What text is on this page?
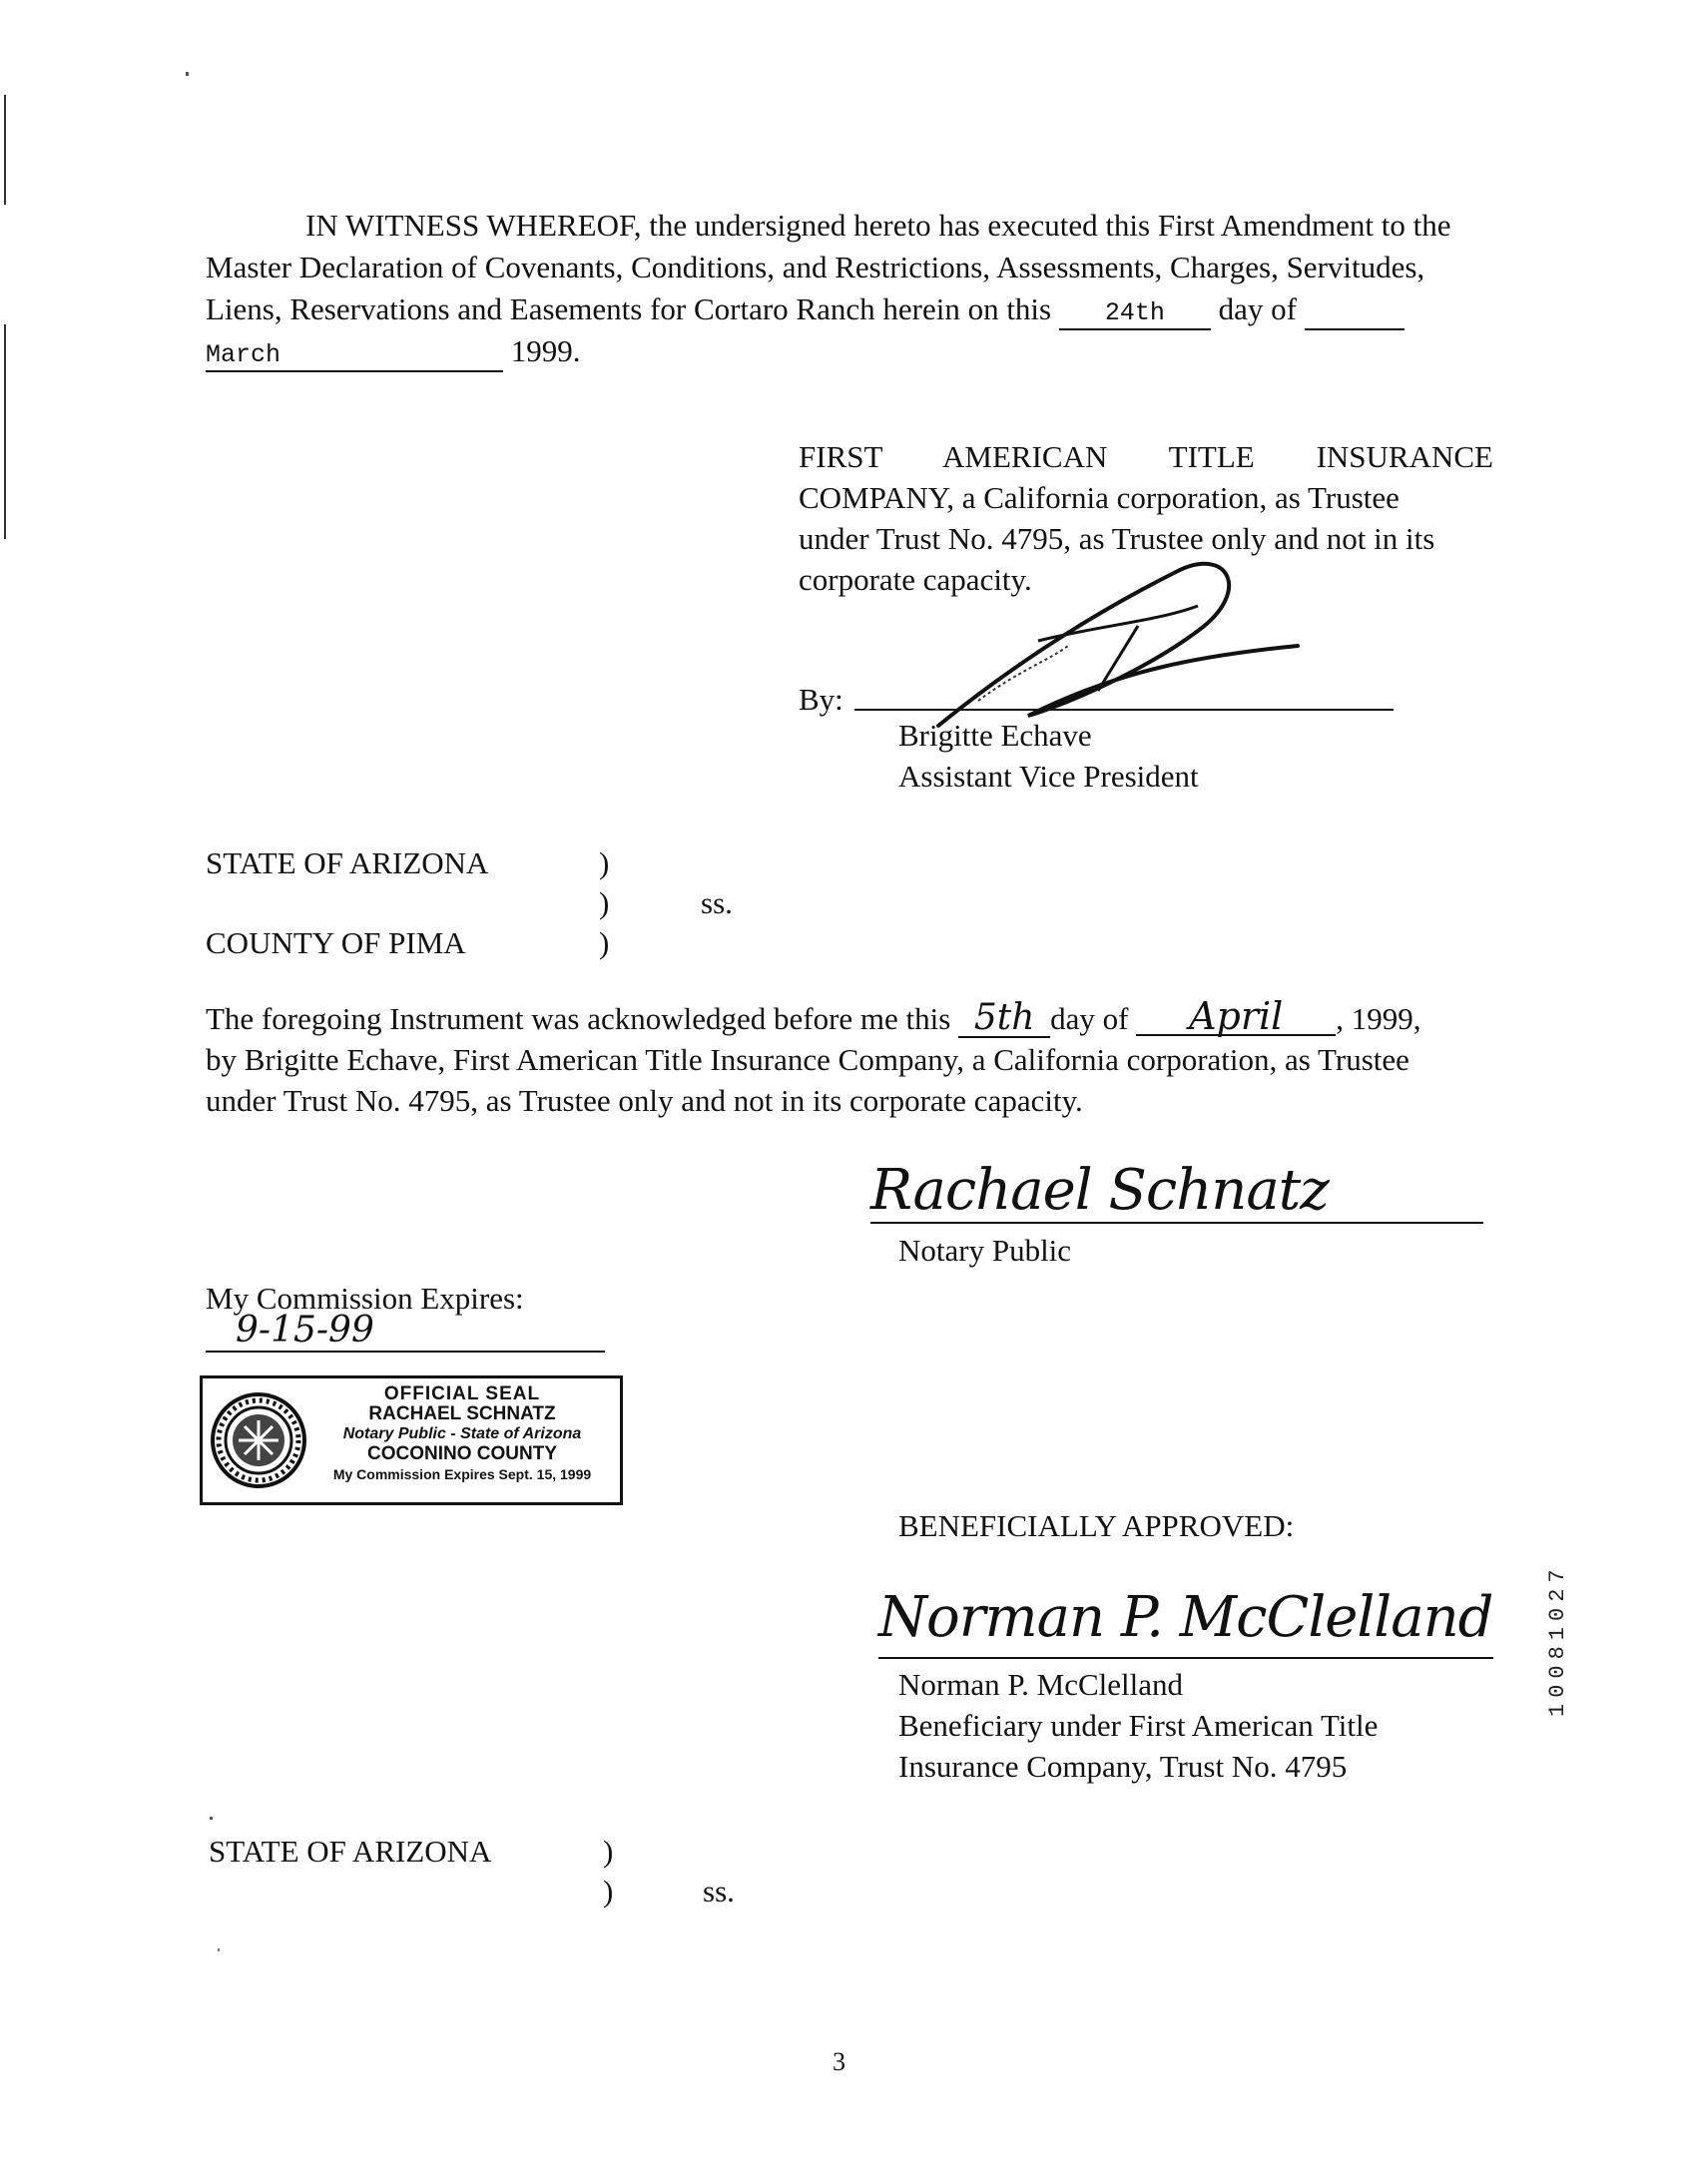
IN WITNESS WHEREOF, the undersigned hereto has executed this First Amendment to the
Master Declaration of Covenants, Conditions, and Restrictions, Assessments, Charges, Servitudes,
Liens, Reservations and Easements for Cortaro Ranch herein on this 24th day of
March	1999.
FIRST AMERICAN TITLE INSURANCE
COMPANY, a California corporation, as Trustee
under Trust No. 4795, as Trustee only and not in its
corporate capacity.
By:
Brigitte Echave
Assistant Vice President
STATE OF ARIZONA	)
)	ss.
COUNTY OF PIMA	)
The foregoing Instrument was acknowledged before me this 5th day of April , 1999,
by Brigitte Echave, First American Title Insurance Company, a California corporation, as Trustee
under Trust No. 4795, as Trustee only and not in its corporate capacity.
Rachael Schnatz
Notary Public
My Commission Expires:
9-15-99
OFFICIAL SEAL
RACHAEL SCHNATZ
Notary Public - State of Arizona
COCONINO COUNTY
My Commission Expires Sept. 15, 1999
BENEFICIALLY APPROVED:
Norman P. McClelland
Norman P. McClelland
Beneficiary under First American Title
Insurance Company, Trust No. 4795
10081027
STATE OF ARIZONA	)
)	ss.
3
